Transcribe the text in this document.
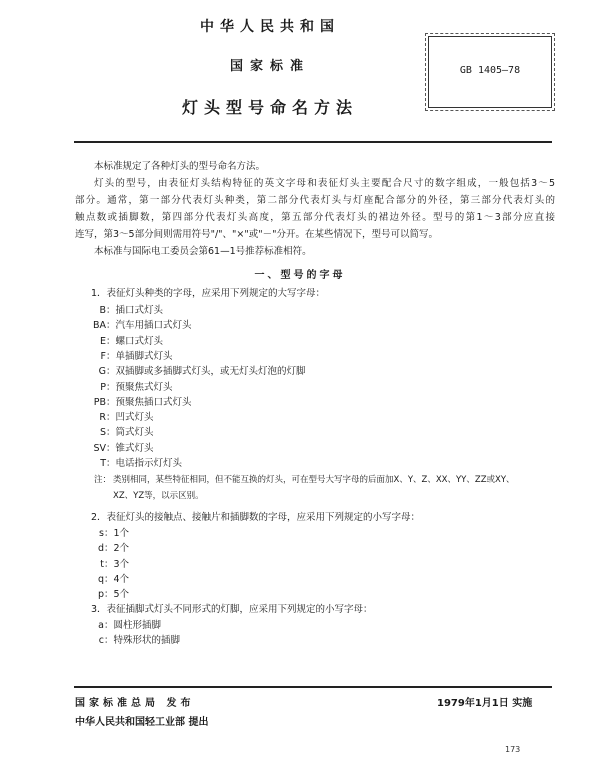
中华人民共和国
国家标准
灯头型号命名方法
GB 1405—78

本标准规定了各种灯头的型号命名方法。

灯头的型号，由表征灯头结构特征的英文字母和表征灯头主要配合尺寸的数字组成，一般包括3～5

部分。通常，第一部分代表灯头种类，第二部分代表灯头与灯座配合部分的外径，第三部分代表灯头的

触点数或插脚数，第四部分代表灯头高度，第五部分代表灯头的裙边外径。型号的第1～3部分应直接

连写，第3～5部分间则需用符号"/"、"×"或"－"分开。在某些情况下，型号可以简写。

本标准与国际电工委员会第61—1号推荐标准相符。

一、型号的字母
1．表征灯头种类的字母，应采用下列规定的大写字母：
B：插口式灯头
BA：汽车用插口式灯头
E：螺口式灯头
F：单插脚式灯头
G：双插脚或多插脚式灯头，或无灯头灯泡的灯脚
P：预聚焦式灯头
PB：预聚焦插口式灯头
R：凹式灯头
S：筒式灯头
SV：锥式灯头
T：电话指示灯灯头
注： 类别相同，某些特征相同，但不能互换的灯头，可在型号大写字母的后面加X、Y、Z、XX、YY、ZZ或XY、
XZ、YZ等，以示区别。
2．表征灯头的接触点、接触片和插脚数的字母，应采用下列规定的小写字母：
s：1个
d：2个
t：3个
q：4个
p：5个
3．表征插脚式灯头不同形式的灯脚，应采用下列规定的小写字母：
a：圆柱形插脚
c：特殊形状的插脚
国家标准总局 发布
中华人民共和国轻工业部 提出
1979年1月1日 实施
173
